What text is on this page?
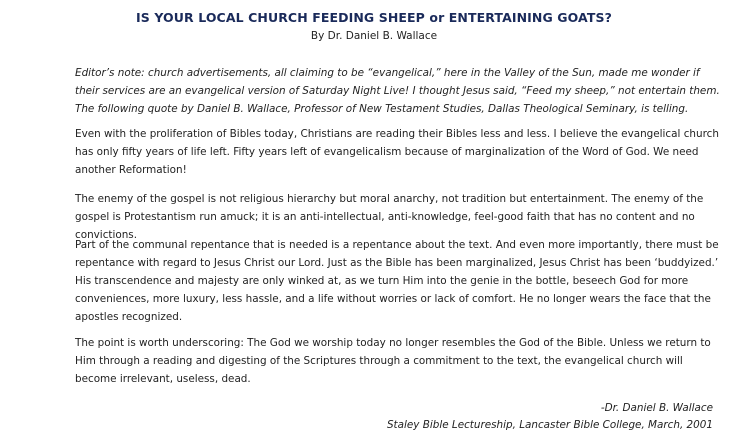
IS YOUR LOCAL CHURCH FEEDING SHEEP or ENTERTAINING GOATS?
By Dr. Daniel B. Wallace

Editor’s note: church advertisements, all claiming to be “evangelical,” here in the Valley of the Sun, made me wonder if their services are an evangelical version of Saturday Night Live! I thought Jesus said, “Feed my sheep,” not entertain them. The following quote by Daniel B. Wallace, Professor of New Testament Studies, Dallas Theological Seminary, is telling.

Even with the proliferation of Bibles today, Christians are reading their Bibles less and less. I believe the evangelical church has only fifty years of life left. Fifty years left of evangelicalism because of marginalization of the Word of God. We need another Reformation!

The enemy of the gospel is not religious hierarchy but moral anarchy, not tradition but entertainment. The enemy of the gospel is Protestantism run amuck; it is an anti-intellectual, anti-knowledge, feel-good faith that has no content and no convictions.

Part of the communal repentance that is needed is a repentance about the text. And even more importantly, there must be repentance with regard to Jesus Christ our Lord. Just as the Bible has been marginalized, Jesus Christ has been ‘buddyized.’ His transcendence and majesty are only winked at, as we turn Him into the genie in the bottle, beseech God for more conveniences, more luxury, less hassle, and a life without worries or lack of comfort. He no longer wears the face that the apostles recognized.

The point is worth underscoring: The God we worship today no longer resembles the God of the Bible. Unless we return to Him through a reading and digesting of the Scriptures through a commitment to the text, the evangelical church will become irrelevant, useless, dead.

-Dr. Daniel B. Wallace
Staley Bible Lectureship, Lancaster Bible College, March, 2001
